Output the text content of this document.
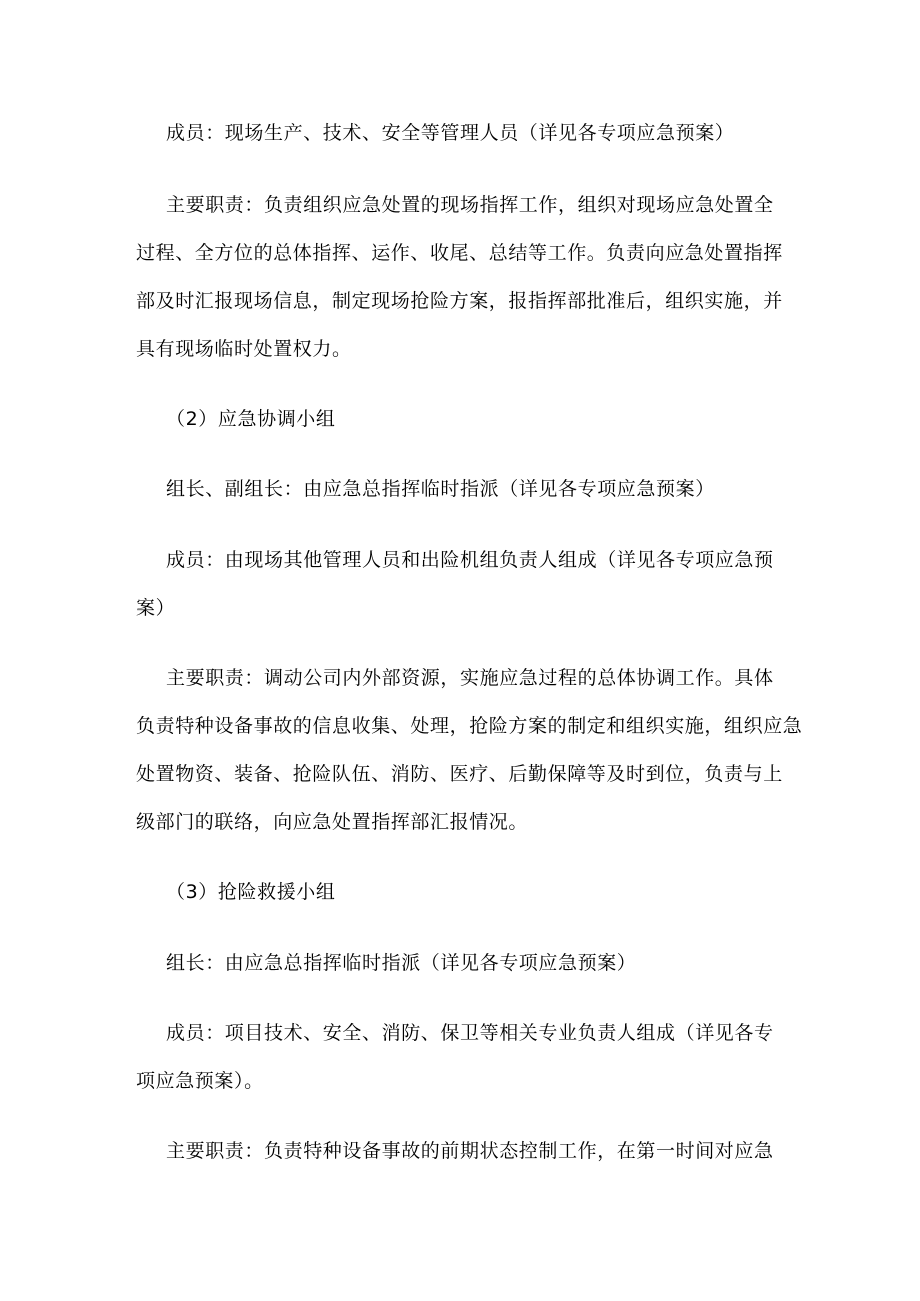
成员：现场生产、技术、安全等管理人员（详见各专项应急预案）
主要职责：负责组织应急处置的现场指挥工作，组织对现场应急处置全
过程、全方位的总体指挥、运作、收尾、总结等工作。负责向应急处置指挥
部及时汇报现场信息，制定现场抢险方案，报指挥部批准后，组织实施，并
具有现场临时处置权力。
（2）应急协调小组
组长、副组长：由应急总指挥临时指派（详见各专项应急预案）
成员：由现场其他管理人员和出险机组负责人组成（详见各专项应急预
案）
主要职责：调动公司内外部资源，实施应急过程的总体协调工作。具体
负责特种设备事故的信息收集、处理，抢险方案的制定和组织实施，组织应急
处置物资、装备、抢险队伍、消防、医疗、后勤保障等及时到位，负责与上
级部门的联络，向应急处置指挥部汇报情况。
（3）抢险救援小组
组长：由应急总指挥临时指派（详见各专项应急预案）
成员：项目技术、安全、消防、保卫等相关专业负责人组成（详见各专
项应急预案）。
主要职责：负责特种设备事故的前期状态控制工作，在第一时间对应急
